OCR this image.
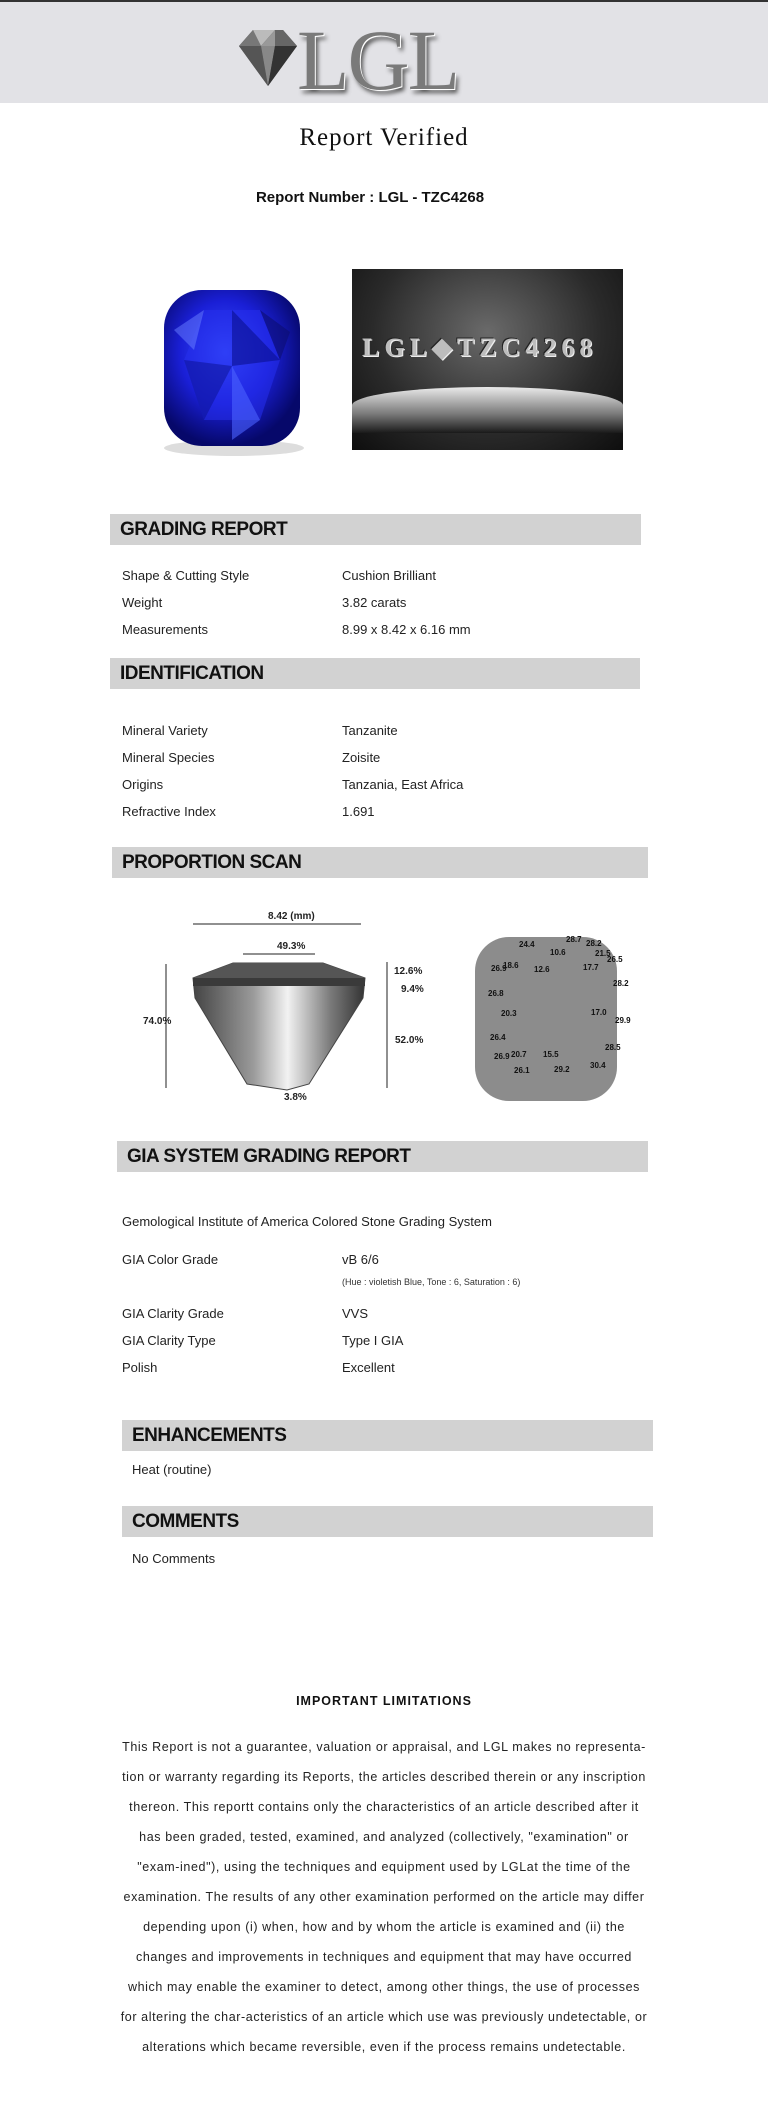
LGL
Report Verified
Report Number : LGL - TZC4268
LGL◆TZC4268
GRADING REPORT
Shape & Cutting Style	Cushion Brilliant
Weight	3.82 carats
Measurements	8.99 x 8.42 x 6.16 mm
IDENTIFICATION
Mineral Variety	Tanzanite
Mineral Species	Zoisite
Origins	Tanzania, East Africa
Refractive Index	1.691
PROPORTION SCAN
8.42 (mm)
49.3%
74.0%
12.6%
9.4%
52.0%
3.8%
24.4
10.6
28.7 28.2
21.5
26.5
26.9
18.6 12.6	17.7
28.2
26.8
20.3	17.0
29.9
26.4
28.5
26.9 20.7 15.5
30.4
26.1	29.2
GIA SYSTEM GRADING REPORT
Gemological Institute of America Colored Stone Grading System
GIA Color Grade	vB 6/6
(Hue : violetish Blue, Tone : 6, Saturation : 6)
GIA Clarity Grade	VVS
GIA Clarity Type	Type I GIA
Polish	Excellent
ENHANCEMENTS
Heat (routine)
COMMENTS
No Comments
IMPORTANT LIMITATIONS
This Report is not a guarantee, valuation or appraisal, and LGL makes no representa-tion or warranty regarding its Reports, the articles described therein or any inscription thereon. This reportt contains only the characteristics of an article described after it has been graded, tested, examined, and analyzed (collectively, "examination" or "exam-ined"), using the techniques and equipment used by LGLat the time of the examination. The results of any other examination performed on the article may differ depending upon (i) when, how and by whom the article is examined and (ii) the changes and improvements in techniques and equipment that may have occurred which may enable the examiner to detect, among other things, the use of processes for altering the char-acteristics of an article which use was previously undetectable, or alterations which became reversible, even if the process remains undetectable.
